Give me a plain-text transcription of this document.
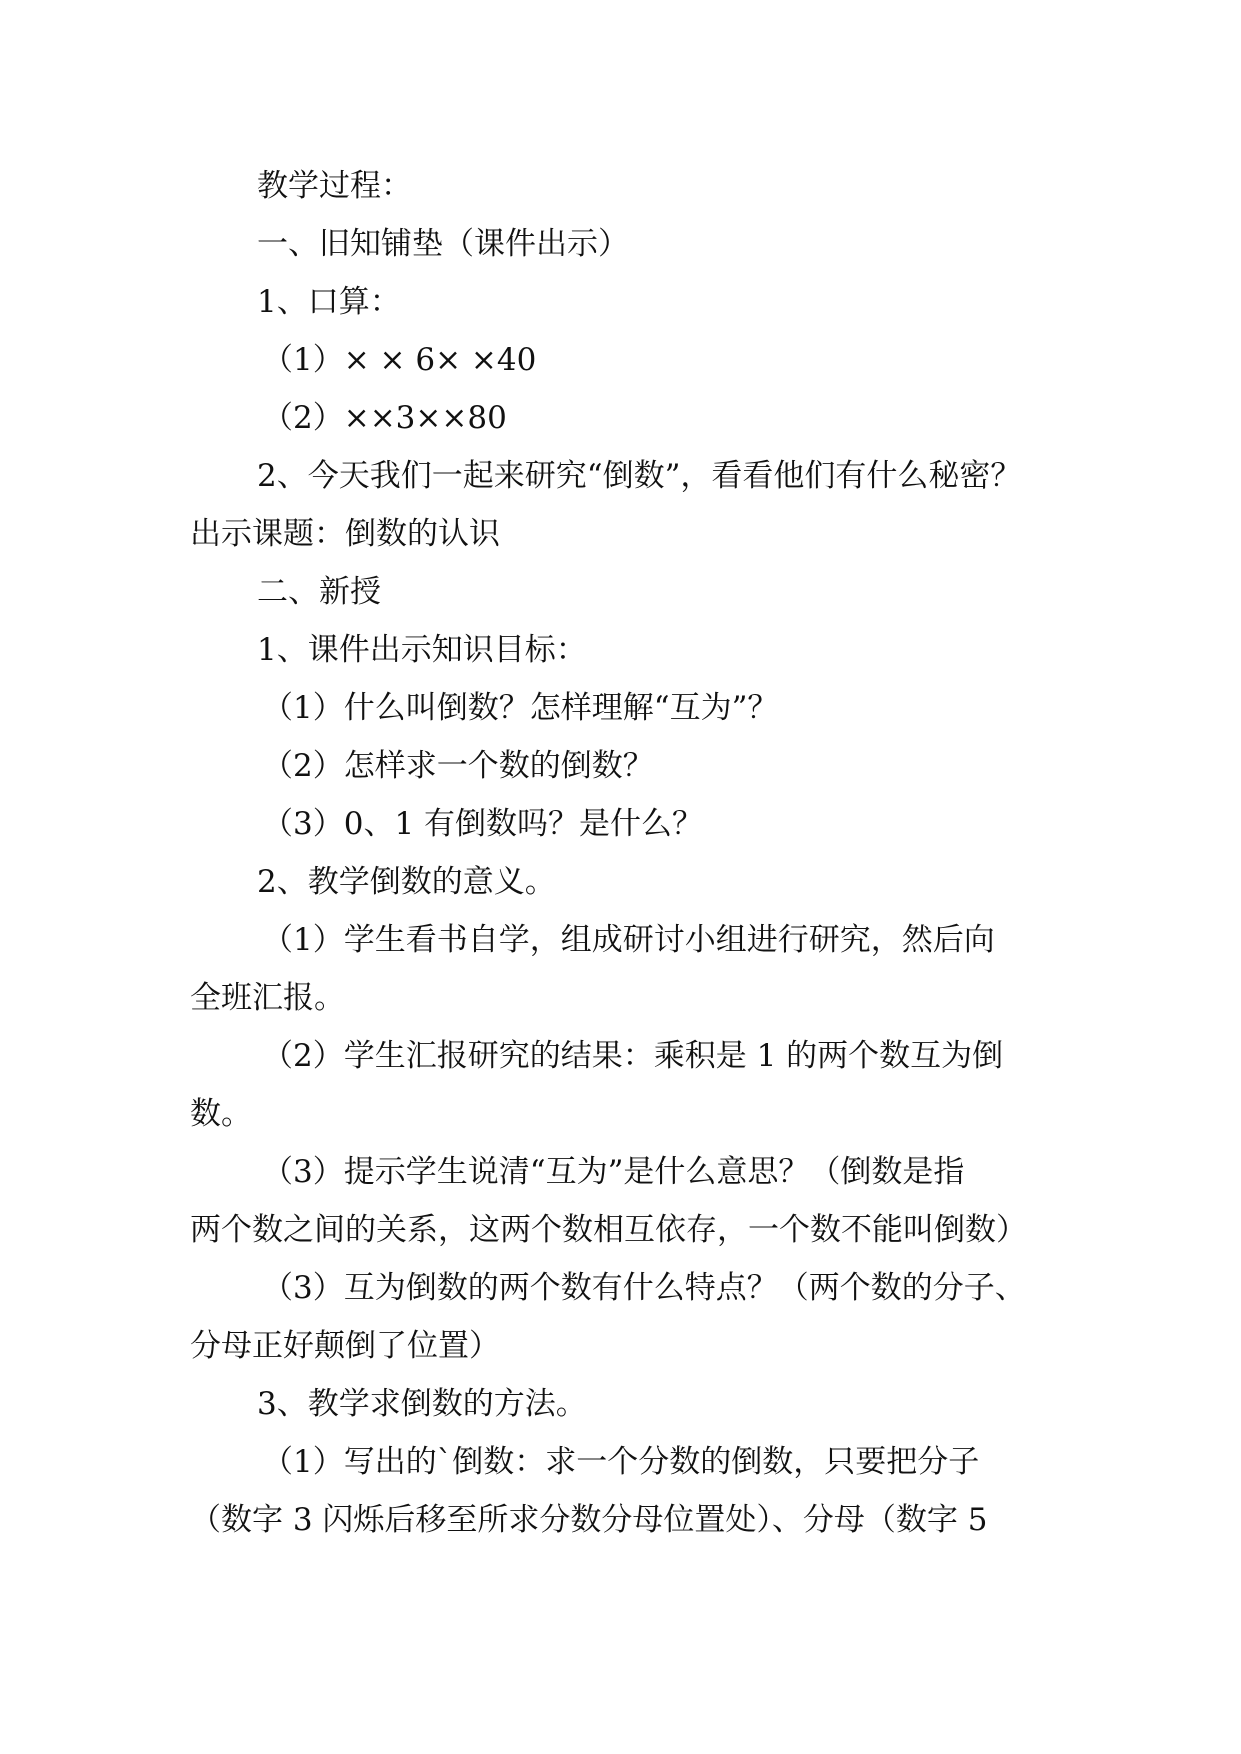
教学过程：

一、旧知铺垫（课件出示）

1、口算：

（1）× × 6× ×40

（2）××3××80

2、今天我们一起来研究“倒数”，看看他们有什么秘密？

出示课题：倒数的认识

二、新授

1、课件出示知识目标：

（1）什么叫倒数？怎样理解“互为”？

（2）怎样求一个数的倒数？

（3）0、1 有倒数吗？是什么？

2、教学倒数的意义。

（1）学生看书自学，组成研讨小组进行研究，然后向

全班汇报。

（2）学生汇报研究的结果：乘积是 1 的两个数互为倒

数。

（3）提示学生说清“互为”是什么意思？（倒数是指

两个数之间的关系，这两个数相互依存，一个数不能叫倒数）

（3）互为倒数的两个数有什么特点？（两个数的分子、

分母正好颠倒了位置）

3、教学求倒数的方法。

（1）写出的`倒数：求一个分数的倒数，只要把分子

（数字 3 闪烁后移至所求分数分母位置处）、分母（数字 5
